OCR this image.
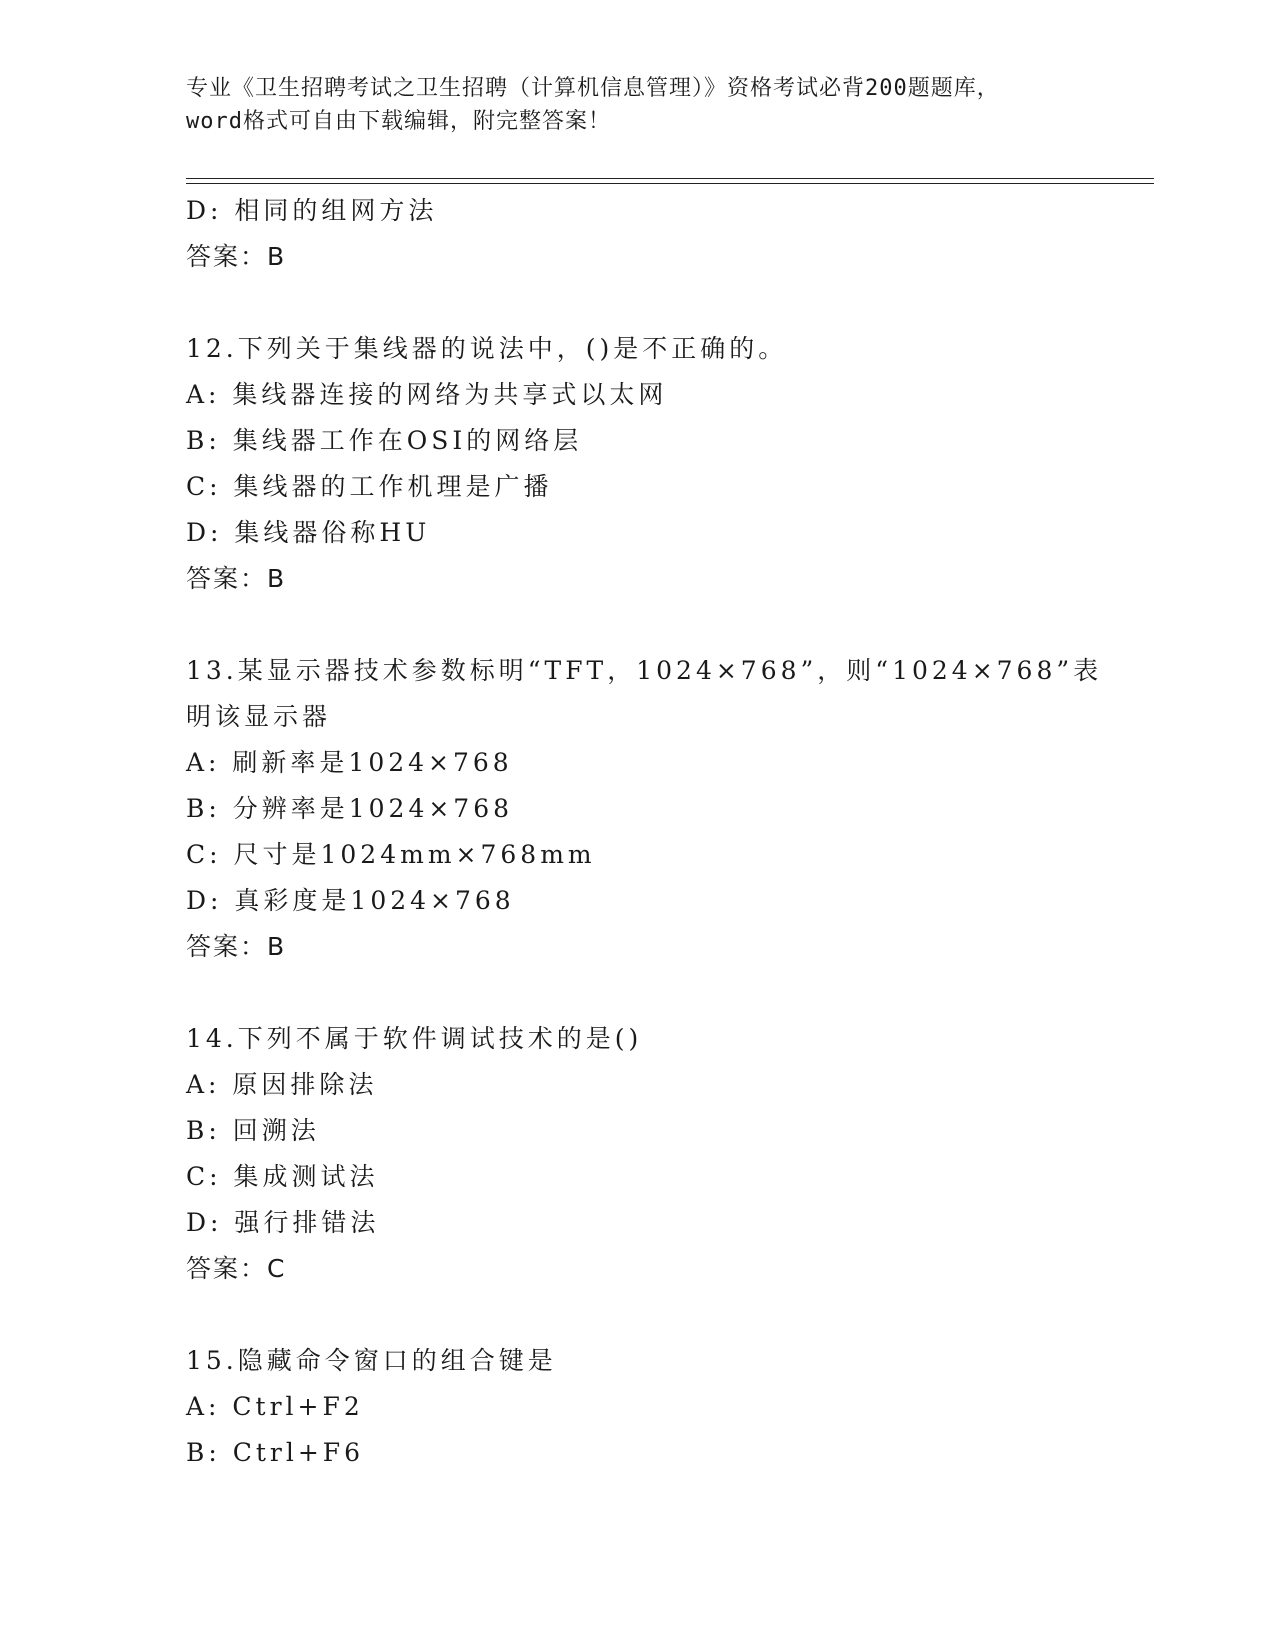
专业《卫生招聘考试之卫生招聘（计算机信息管理）》资格考试必背200题题库，
word格式可自由下载编辑，附完整答案！
D: 相同的组网方法
答案：B
12.下列关于集线器的说法中，()是不正确的。
A: 集线器连接的网络为共享式以太网
B: 集线器工作在OSI的网络层
C: 集线器的工作机理是广播
D: 集线器俗称HU
答案：B
13.某显示器技术参数标明“TFT，1024×768”，则“1024×768”表
明该显示器
A: 刷新率是1024×768
B: 分辨率是1024×768
C: 尺寸是1024mm×768mm
D: 真彩度是1024×768
答案：B
14.下列不属于软件调试技术的是()
A: 原因排除法
B: 回溯法
C: 集成测试法
D: 强行排错法
答案：C
15.隐藏命令窗口的组合键是
A: Ctrl+F2
B: Ctrl+F6
